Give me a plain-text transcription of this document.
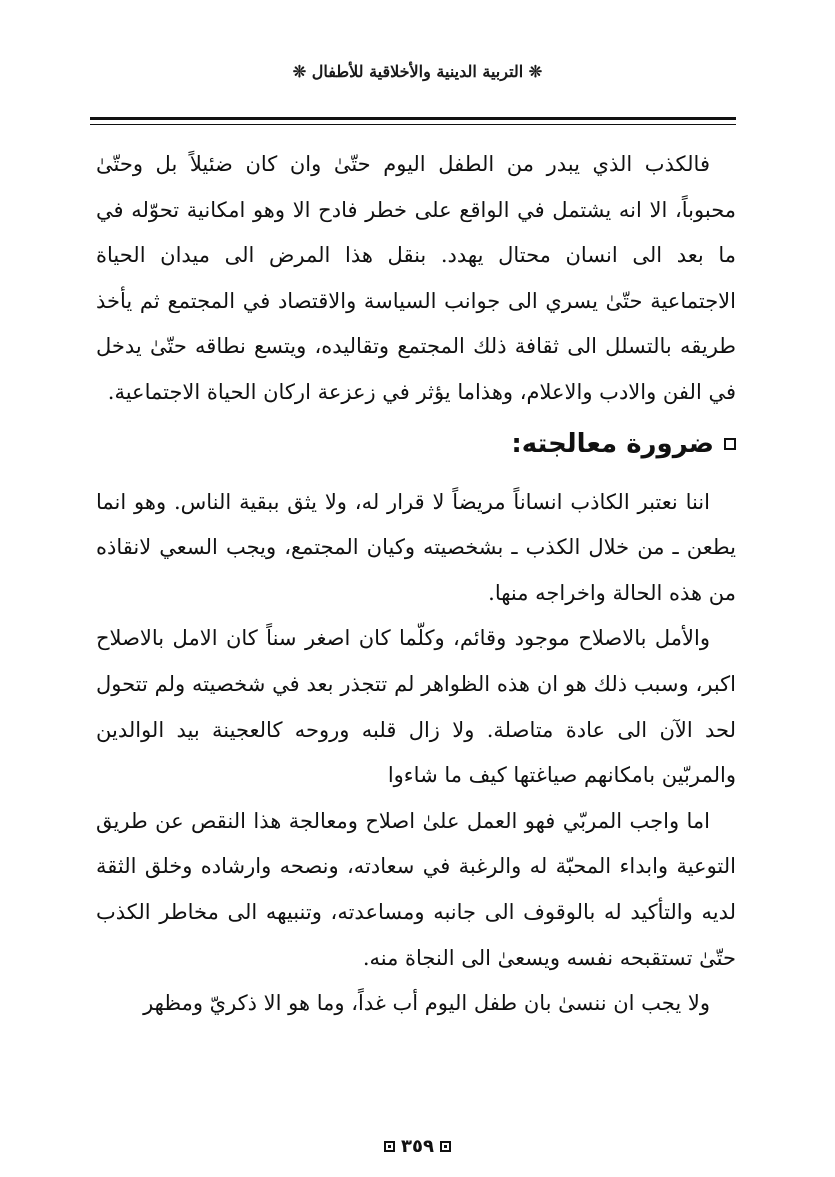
❊ التربية الدينية والأخلاقية للأطفال ❊

فالكذب الذي يبدر من الطفل اليوم حتّىٰ وان كان ضئيلاً بل وحتّىٰ محبوباً، الا انه يشتمل في الواقع على خطر فادح الا وهو امكانية تحوّله في ما بعد الى انسان محتال يهدد. بنقل هذا المرض الى ميدان الحياة الاجتماعية حتّىٰ يسري الى جوانب السياسة والاقتصاد في المجتمع ثم يأخذ طريقه بالتسلل الى ثقافة ذلك المجتمع وتقاليده، ويتسع نطاقه حتّىٰ يدخل في الفن والادب والاعلام، وهذاما يؤثر في زعزعة اركان الحياة الاجتماعية.

ضرورة معالجته:

اننا نعتبر الكاذب انساناً مريضاً لا قرار له، ولا يثق ببقية الناس. وهو انما يطعن ـ من خلال الكذب ـ بشخصيته وكيان المجتمع، ويجب السعي لانقاذه من هذه الحالة واخراجه منها.

والأمل بالاصلاح موجود وقائم، وكلّما كان اصغر سناً كان الامل بالاصلاح اكبر، وسبب ذلك هو ان هذه الظواهر لم تتجذر بعد في شخصيته ولم تتحول لحد الآن الى عادة متاصلة. ولا زال قلبه وروحه كالعجينة بيد الوالدين والمربّين بامكانهم صياغتها كيف ما شاءوا

اما واجب المربّي فهو العمل علىٰ اصلاح ومعالجة هذا النقص عن طريق التوعية وابداء المحبّة له والرغبة في سعادته، ونصحه وارشاده وخلق الثقة لديه والتأكيد له بالوقوف الى جانبه ومساعدته، وتنبيهه الى مخاطر الكذب حتّىٰ تستقبحه نفسه ويسعىٰ الى النجاة منه.

ولا يجب ان ننسىٰ بان طفل اليوم أب غداً، وما هو الا ذكريّ ومظهر

٣٥٩
